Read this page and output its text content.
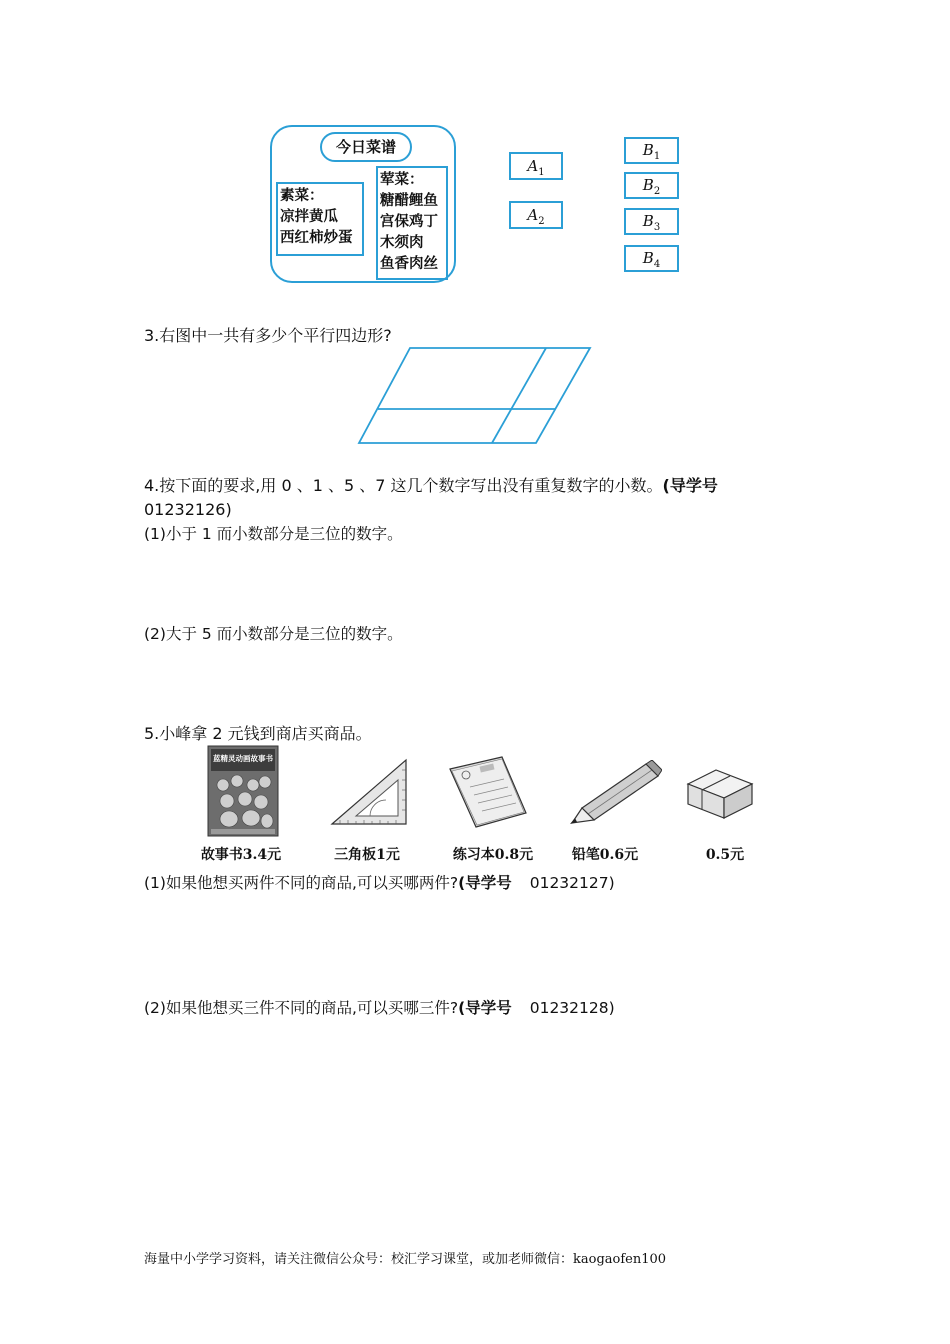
今日菜谱
素菜：
凉拌黄瓜
西红柿炒蛋
荤菜：
糖醋鲤鱼
宫保鸡丁
木须肉
鱼香肉丝
$A_1$
$A_2$
$B_1$
$B_2$
$B_3$
$B_4$
3.右图中一共有多少个平行四边形?
4.按下面的要求,用 0 、1 、5 、7 这几个数字写出没有重复数字的小数。(导学号
01232126)
(1)小于 1 而小数部分是三位的数字。
(2)大于 5 而小数部分是三位的数字。
5.小峰拿 2 元钱到商店买商品。
蓝精灵动画故事书
故事书3.4元	三角板1元	练习本0.8元	铅笔0.6元	0.5元
(1)如果他想买两件不同的商品,可以买哪两件?(导学号 01232127)
(2)如果他想买三件不同的商品,可以买哪三件?(导学号 01232128)
海量中小学学习资料，请关注微信公众号：校汇学习课堂，或加老师微信：kaogaofen100
